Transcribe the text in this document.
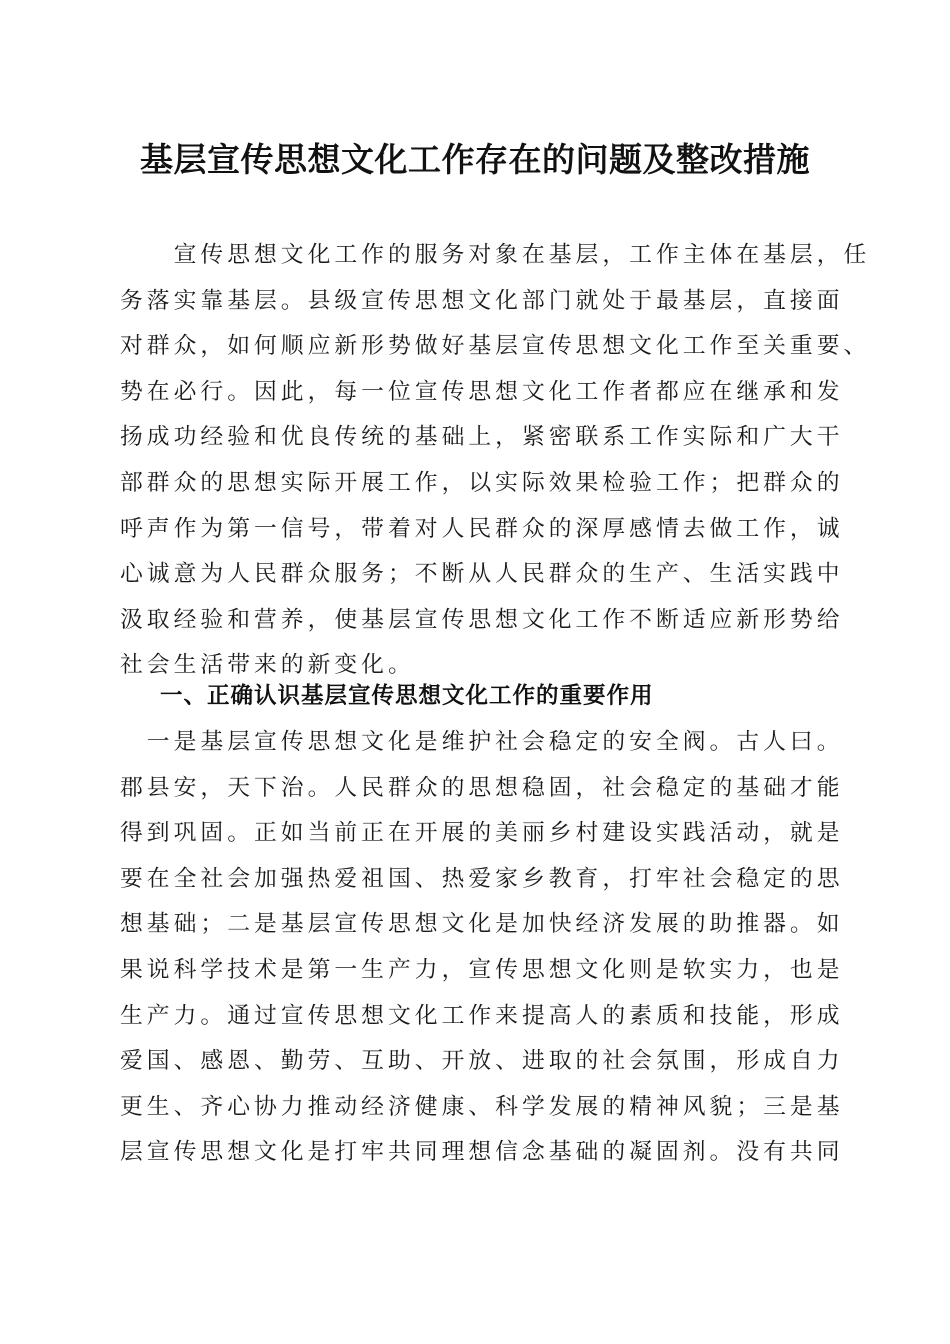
基层宣传思想文化工作存在的问题及整改措施
　　宣传思想文化工作的服务对象在基层，工作主体在基层，任
务落实靠基层。县级宣传思想文化部门就处于最基层，直接面
对群众，如何顺应新形势做好基层宣传思想文化工作至关重要、
势在必行。因此，每一位宣传思想文化工作者都应在继承和发
扬成功经验和优良传统的基础上，紧密联系工作实际和广大干
部群众的思想实际开展工作，以实际效果检验工作；把群众的
呼声作为第一信号，带着对人民群众的深厚感情去做工作，诚
心诚意为人民群众服务；不断从人民群众的生产、生活实践中
汲取经验和营养，使基层宣传思想文化工作不断适应新形势给
社会生活带来的新变化。
一、正确认识基层宣传思想文化工作的重要作用
　一是基层宣传思想文化是维护社会稳定的安全阀。古人曰。
郡县安，天下治。人民群众的思想稳固，社会稳定的基础才能
得到巩固。正如当前正在开展的美丽乡村建设实践活动，就是
要在全社会加强热爱祖国、热爱家乡教育，打牢社会稳定的思
想基础；二是基层宣传思想文化是加快经济发展的助推器。如
果说科学技术是第一生产力，宣传思想文化则是软实力，也是
生产力。通过宣传思想文化工作来提高人的素质和技能，形成
爱国、感恩、勤劳、互助、开放、进取的社会氛围，形成自力
更生、齐心协力推动经济健康、科学发展的精神风貌；三是基
层宣传思想文化是打牢共同理想信念基础的凝固剂。没有共同
